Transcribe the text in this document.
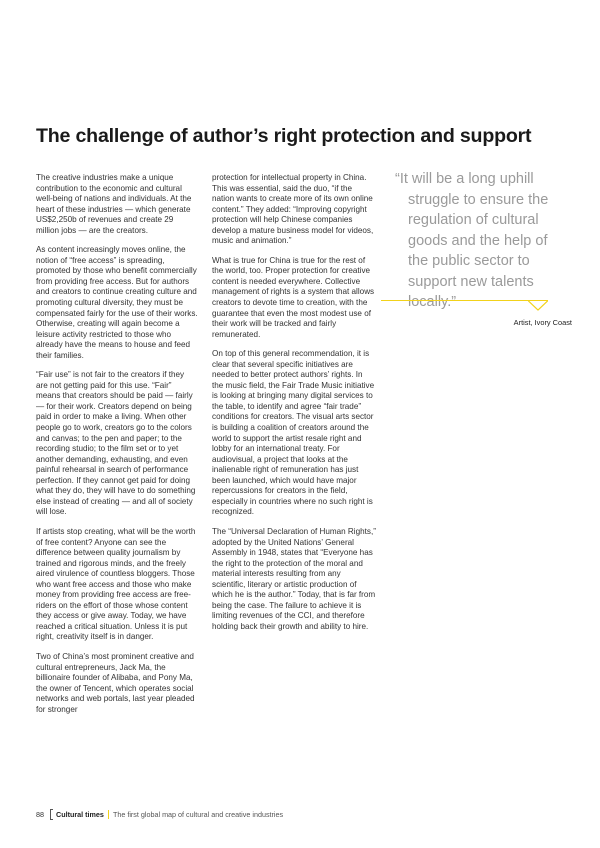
The challenge of author’s right protection and support

The creative industries make a unique contribution to the economic and cultural well-being of nations and individuals. At the heart of these industries — which generate US$2,250b of revenues and create 29 million jobs — are the creators.

As content increasingly moves online, the notion of “free access” is spreading, promoted by those who benefit commercially from providing free access. But for authors and creators to continue creating culture and promoting cultural diversity, they must be compensated fairly for the use of their works. Otherwise, creating will again become a leisure activity restricted to those who already have the means to house and feed their families.

“Fair use” is not fair to the creators if they are not getting paid for this use. “Fair” means that creators should be paid — fairly — for their work. Creators depend on being paid in order to make a living. When other people go to work, creators go to the colors and canvas; to the pen and paper; to the recording studio; to the film set or to yet another demanding, exhausting, and even painful rehearsal in search of performance perfection. If they cannot get paid for doing what they do, they will have to do something else instead of creating — and all of society will lose.

If artists stop creating, what will be the worth of free content? Anyone can see the difference between quality journalism by trained and rigorous minds, and the freely aired virulence of countless bloggers. Those who want free access and those who make money from providing free access are free-riders on the effort of those whose content they access or give away. Today, we have reached a critical situation. Unless it is put right, creativity itself is in danger.

Two of China’s most prominent creative and cultural entrepreneurs, Jack Ma, the billionaire founder of Alibaba, and Pony Ma, the owner of Tencent, which operates social networks and web portals, last year pleaded for stronger

protection for intellectual property in China. This was essential, said the duo, “if the nation wants to create more of its own online content.” They added: “Improving copyright protection will help Chinese companies develop a mature business model for videos, music and animation.”

What is true for China is true for the rest of the world, too. Proper protection for creative content is needed everywhere. Collective management of rights is a system that allows creators to devote time to creation, with the guarantee that even the most modest use of their work will be tracked and fairly remunerated.

On top of this general recommendation, it is clear that several specific initiatives are needed to better protect authors’ rights. In the music field, the Fair Trade Music initiative is looking at bringing many digital services to the table, to identify and agree “fair trade” conditions for creators. The visual arts sector is building a coalition of creators around the world to support the artist resale right and lobby for an international treaty. For audiovisual, a project that looks at the inalienable right of remuneration has just been launched, which would have major repercussions for creators in the field, especially in countries where no such right is recognized.

The “Universal Declaration of Human Rights,” adopted by the United Nations’ General Assembly in 1948, states that “Everyone has the right to the protection of the moral and material interests resulting from any scientific, literary or artistic production of which he is the author.” Today, that is far from being the case. The failure to achieve it is limiting revenues of the CCI, and therefore holding back their growth and ability to hire.

“It will be a long uphill
struggle to ensure the
regulation of cultural
goods and the help of
the public sector to
support new talents
locally.”

Artist, Ivory Coast

88 Cultural times The first global map of cultural and creative industries
